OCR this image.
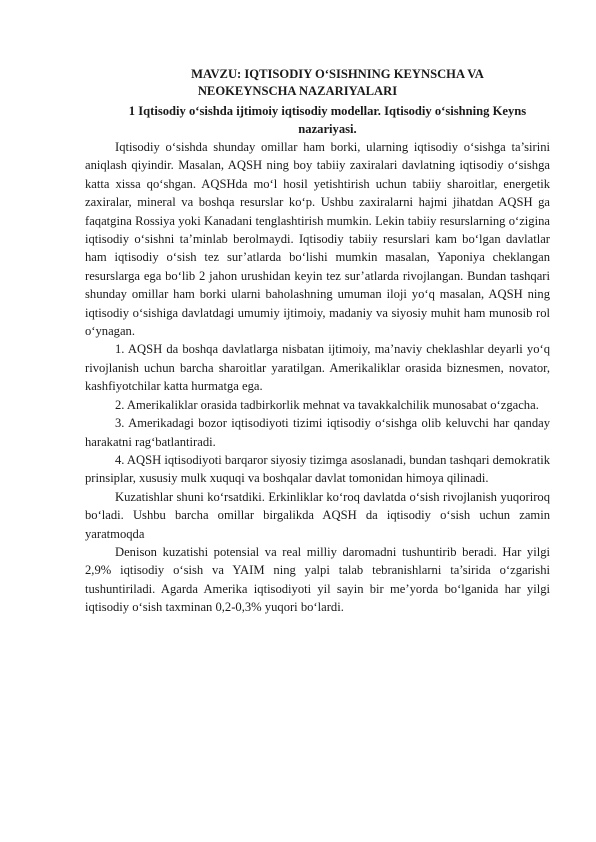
MAVZU: IQTISODIY O‘SISHNING KEYNSCHA VA
NEOKEYNSCHA NAZARIYALARI
1 Iqtisodiy o‘sishda ijtimoiy iqtisodiy modellar. Iqtisodiy o‘sishning Keyns nazariyasi.

Iqtisodiy o‘sishda shunday omillar ham borki, ularning iqtisodiy o‘sishga ta’sirini aniqlash qiyindir. Masalan, AQSH ning boy tabiiy zaxiralari davlatning iqtisodiy o‘sishga katta xissa qo‘shgan. AQSHda mo‘l hosil yetishtirish uchun tabiiy sharoitlar, energetik zaxiralar, mineral va boshqa resurslar ko‘p. Ushbu zaxiralarni hajmi jihatdan AQSH ga faqatgina Rossiya yoki Kanadani tenglashtirish mumkin. Lekin tabiiy resurslarning o‘zigina iqtisodiy o‘sishni ta’minlab berolmaydi. Iqtisodiy tabiiy resurslari kam bo‘lgan davlatlar ham iqtisodiy o‘sish tez sur’atlarda bo‘lishi mumkin masalan, Yaponiya cheklangan resurslarga ega bo‘lib 2 jahon urushidan keyin tez sur’atlarda rivojlangan. Bundan tashqari shunday omillar ham borki ularni baholashning umuman iloji yo‘q masalan, AQSH ning iqtisodiy o‘sishiga davlatdagi umumiy ijtimoiy, madaniy va siyosiy muhit ham munosib rol o‘ynagan.

1. AQSH da boshqa davlatlarga nisbatan ijtimoiy, ma’naviy cheklashlar deyarli yo‘q rivojlanish uchun barcha sharoitlar yaratilgan. Amerikaliklar orasida biznesmen, novator, kashfiyotchilar katta hurmatga ega.

2. Amerikaliklar orasida tadbirkorlik mehnat va tavakkalchilik munosabat o‘zgacha.

3. Amerikadagi bozor iqtisodiyoti tizimi iqtisodiy o‘sishga olib keluvchi har qanday harakatni rag‘batlantiradi.

4. AQSH iqtisodiyoti barqaror siyosiy tizimga asoslanadi, bundan tashqari demokratik prinsiplar, xususiy mulk xuquqi va boshqalar davlat tomonidan himoya qilinadi.

Kuzatishlar shuni ko‘rsatdiki. Erkinliklar ko‘roq davlatda o‘sish rivojlanish yuqoriroq bo‘ladi. Ushbu barcha omillar birgalikda AQSH da iqtisodiy o‘sish uchun zamin yaratmoqda

Denison kuzatishi potensial va real milliy daromadni tushuntirib beradi. Har yilgi 2,9% iqtisodiy o‘sish va YAIM ning yalpi talab tebranishlarni ta’sirida o‘zgarishi tushuntiriladi. Agarda Amerika iqtisodiyoti yil sayin bir me’yorda bo‘lganida har yilgi iqtisodiy o‘sish taxminan 0,2-0,3% yuqori bo‘lardi.
